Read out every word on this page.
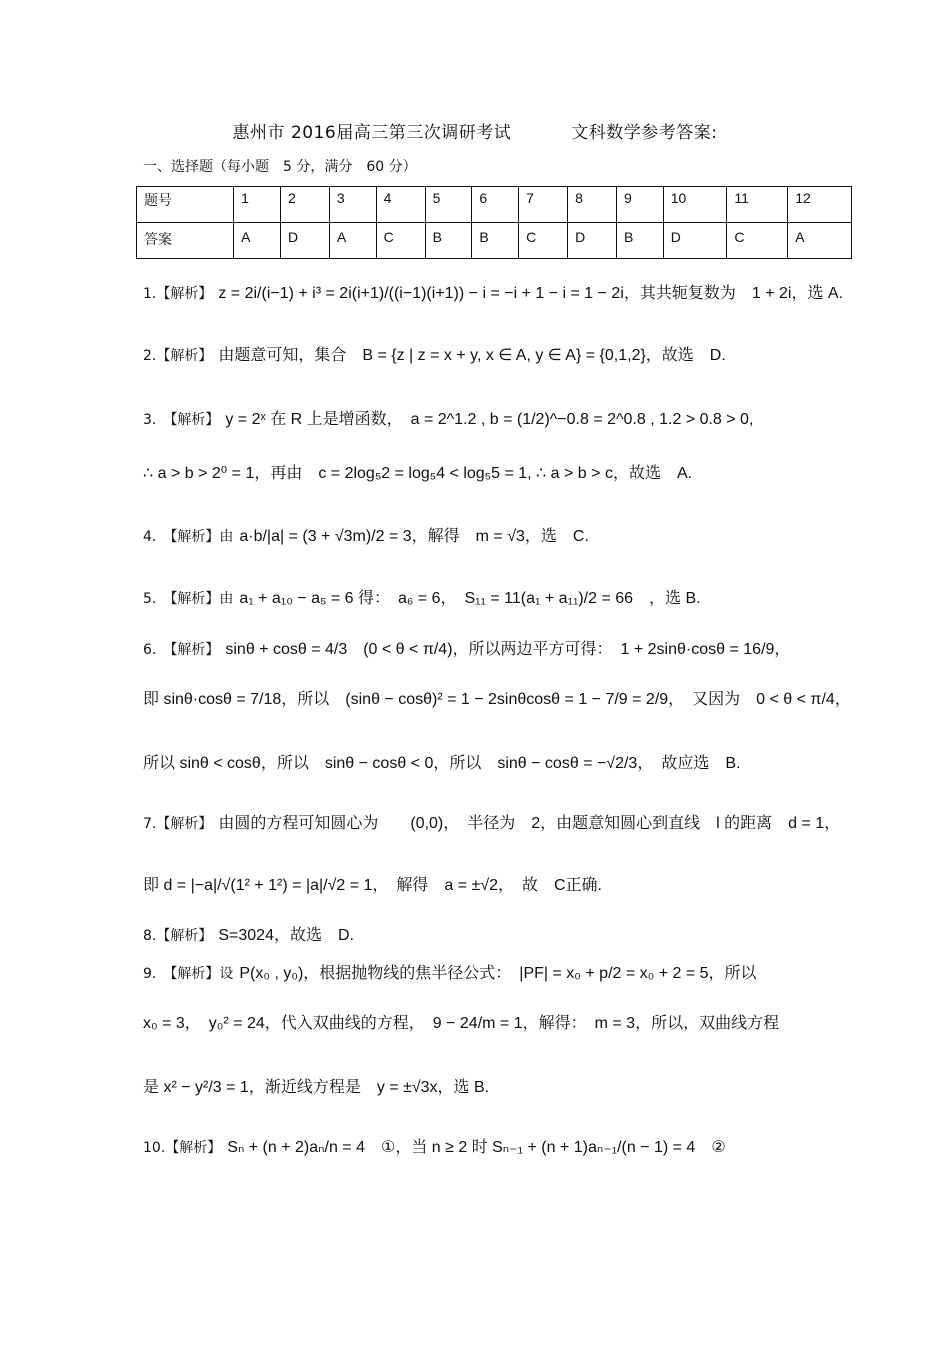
惠州市 2016届高三第三次调研考试	文科数学参考答案:
一、选择题（每小题　5 分，满分　60 分）
题号	1	2	3	4	5	6	7	8	9	10	11	12
答案	A	D	A	C	B	B	C	D	B	D	C	A
1.【解析】 z = 2i/(i−1) + i³ = 2i(i+1)/((i−1)(i+1)) − i = −i + 1 − i = 1 − 2i，其共轭复数为　1 + 2i，选 A.
2.【解析】 由题意可知，集合　B = {z | z = x + y, x ∈ A, y ∈ A} = {0,1,2}，故选　D.
3.　【解析】 y = 2ˣ 在 R 上是增函数，　a = 2^1.2 , b = (1/2)^−0.8 = 2^0.8 , 1.2 > 0.8 > 0,
∴ a > b > 2⁰ = 1，再由　c = 2log₅2 = log₅4 < log₅5 = 1, ∴ a > b > c，故选　A.
4.　【解析】由 a·b/|a| = (3 + √3m)/2 = 3，解得　m = √3，选　C.
5.　【解析】由 a₁ + a₁₀ − a₅ = 6 得：　a₆ = 6，　S₁₁ = 11(a₁ + a₁₁)/2 = 66　，选 B.
6.　【解析】 sinθ + cosθ = 4/3　(0 < θ < π/4)，所以两边平方可得：　1 + 2sinθ·cosθ = 16/9，
即 sinθ·cosθ = 7/18，所以　(sinθ − cosθ)² = 1 − 2sinθcosθ = 1 − 7/9 = 2/9，　又因为　0 < θ < π/4，
所以 sinθ < cosθ，所以　sinθ − cosθ < 0，所以　sinθ − cosθ = −√2/3，　故应选　B.
7.【解析】 由圆的方程可知圆心为　　(0,0)，　半径为　2，由题意知圆心到直线　l 的距离　d = 1，
即 d = |−a|/√(1² + 1²) = |a|/√2 = 1，　解得　a = ±√2，　故　C正确.
8.【解析】 S=3024，故选　D.
9.　【解析】设 P(x₀ , y₀)，根据抛物线的焦半径公式：　|PF| = x₀ + p/2 = x₀ + 2 = 5，所以
x₀ = 3，　y₀² = 24，代入双曲线的方程，　9 − 24/m = 1，解得：　m = 3，所以，双曲线方程
是 x² − y²/3 = 1，渐近线方程是　y = ±√3x，选 B.
10.【解析】 Sₙ + (n + 2)aₙ/n = 4　①，当 n ≥ 2 时 Sₙ₋₁ + (n + 1)aₙ₋₁/(n − 1) = 4　②
